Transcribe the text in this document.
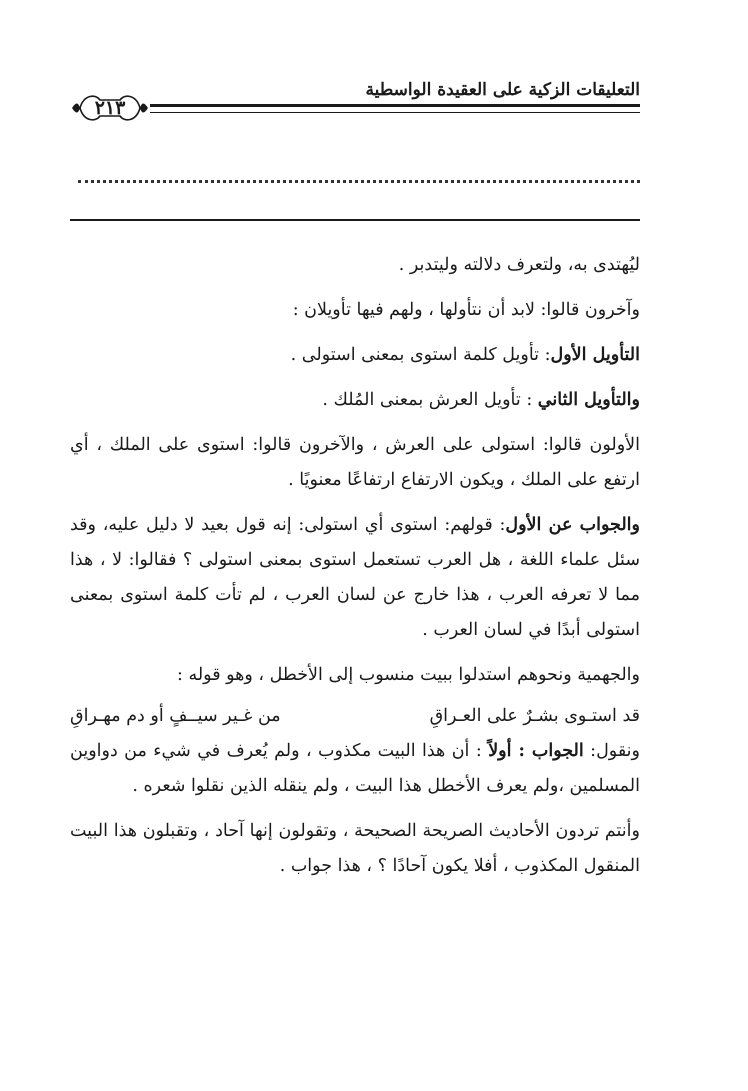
التعليقات الزكية على العقيدة الواسطية
٢١٣

ليُهتدى به، ولتعرف دلالته وليتدبر .

وآخرون قالوا: لابد أن نتأولها ، ولهم فيها تأويلان :

التأويل الأول: تأويل كلمة استوى بمعنى استولى .

والتأويل الثاني : تأويل العرش بمعنى المُلك .

الأولون قالوا: استولى على العرش ، والآخرون قالوا: استوى على الملك ، أي ارتفع على الملك ، ويكون الارتفاع ارتفاعًا معنويًا .

والجواب عن الأول: قولهم: استوى أي استولى: إنه قول بعيد لا دليل عليه، وقد سئل علماء اللغة ، هل العرب تستعمل استوى بمعنى استولى ؟ فقالوا: لا ، هذا مما لا تعرفه العرب ، هذا خارج عن لسان العرب ، لم تأت كلمة استوى بمعنى استولى أبدًا في لسان العرب .

والجهمية ونحوهم استدلوا ببيت منسوب إلى الأخطل ، وهو قوله :

قد استـوى بشـرٌ على العـراقِ
من غـير سيــفٍ أو دم مهـراقِ

ونقول: الجواب : أولاً : أن هذا البيت مكذوب ، ولم يُعرف في شيء من دواوين المسلمين ،ولم يعرف الأخطل هذا البيت ، ولم ينقله الذين نقلوا شعره .

وأنتم تردون الأحاديث الصريحة الصحيحة ، وتقولون إنها آحاد ، وتقبلون هذا البيت المنقول المكذوب ، أفلا يكون آحادًا ؟ ، هذا جواب .
